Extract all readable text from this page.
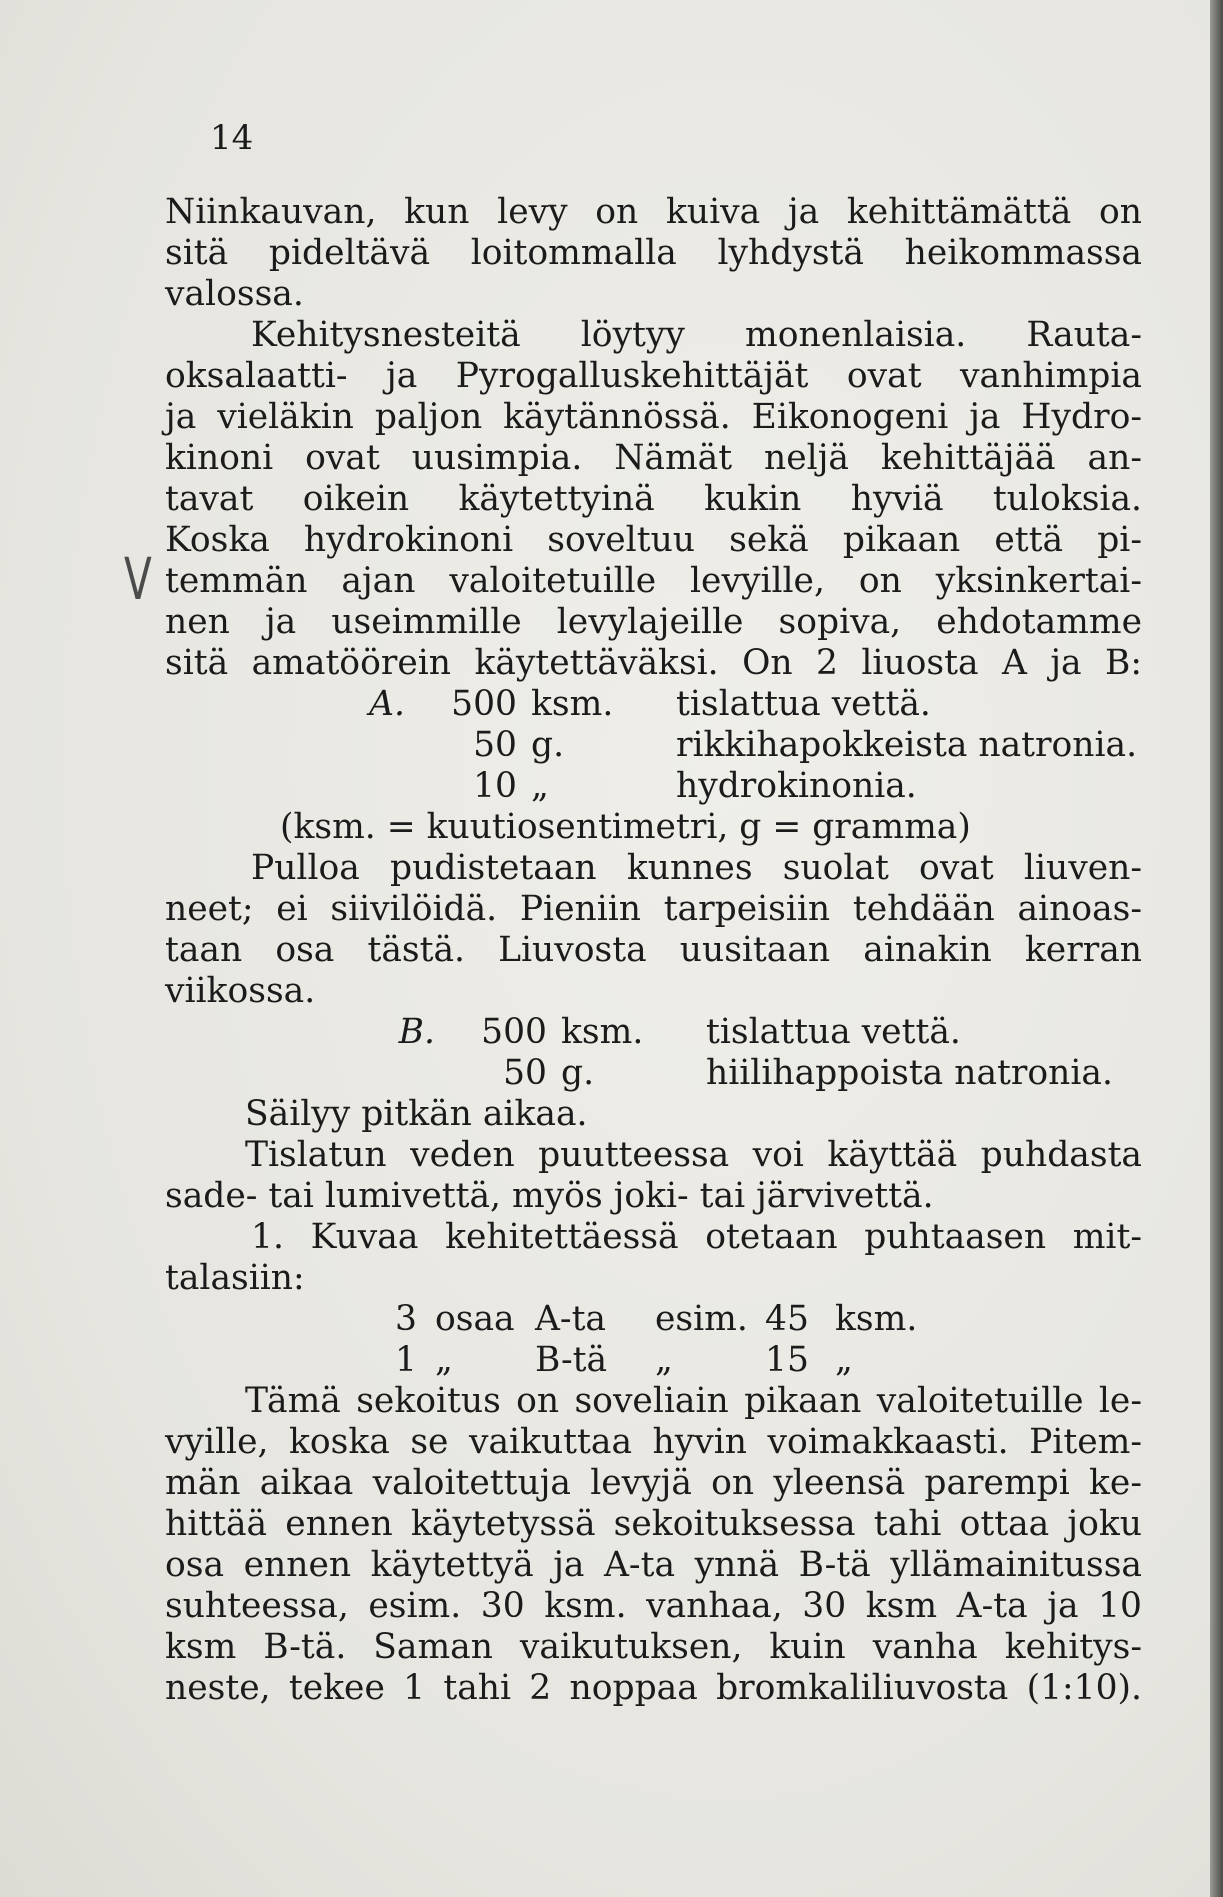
14
V
Niinkauvan, kun levy on kuiva ja kehittämättä on
sitä pideltävä loitommalla lyhdystä heikommassa
valossa.
Kehitysnesteitä löytyy monenlaisia. Rauta-
oksalaatti- ja Pyrogalluskehittäjät ovat vanhimpia
ja vieläkin paljon käytännössä. Eikonogeni ja Hydro-
kinoni ovat uusimpia. Nämät neljä kehittäjää an-
tavat oikein käytettyinä kukin hyviä tuloksia.
Koska hydrokinoni soveltuu sekä pikaan että pi-
temmän ajan valoitetuille levyille, on yksinkertai-
nen ja useimmille levylajeille sopiva, ehdotamme
sitä amatöörein käytettäväksi. On 2 liuosta A ja B:
A.	500 ksm.	tislattua vettä.
50 g.	rikkihapokkeista natronia.
10 „	hydrokinonia.
(ksm. = kuutiosentimetri, g = gramma)
Pulloa pudistetaan kunnes suolat ovat liuven-
neet; ei siivilöidä. Pieniin tarpeisiin tehdään ainoas-
taan osa tästä. Liuvosta uusitaan ainakin kerran
viikossa.
B.	500 ksm.	tislattua vettä.
50 g.	hiilihappoista natronia.
Säilyy pitkän aikaa.
Tislatun veden puutteessa voi käyttää puhdasta
sade- tai lumivettä, myös joki- tai järvivettä.
1. Kuvaa kehitettäessä otetaan puhtaasen mit-
talasiin:
3 osaa A-ta	esim. 45 ksm.
1 „	B-tä	„	15 „
Tämä sekoitus on soveliain pikaan valoitetuille le-
vyille, koska se vaikuttaa hyvin voimakkaasti. Pitem-
män aikaa valoitettuja levyjä on yleensä parempi ke-
hittää ennen käytetyssä sekoituksessa tahi ottaa joku
osa ennen käytettyä ja A-ta ynnä B-tä yllämainitussa
suhteessa, esim. 30 ksm. vanhaa, 30 ksm A-ta ja 10
ksm B-tä. Saman vaikutuksen, kuin vanha kehitys-
neste, tekee 1 tahi 2 noppaa bromkaliliuvosta (1:10).
